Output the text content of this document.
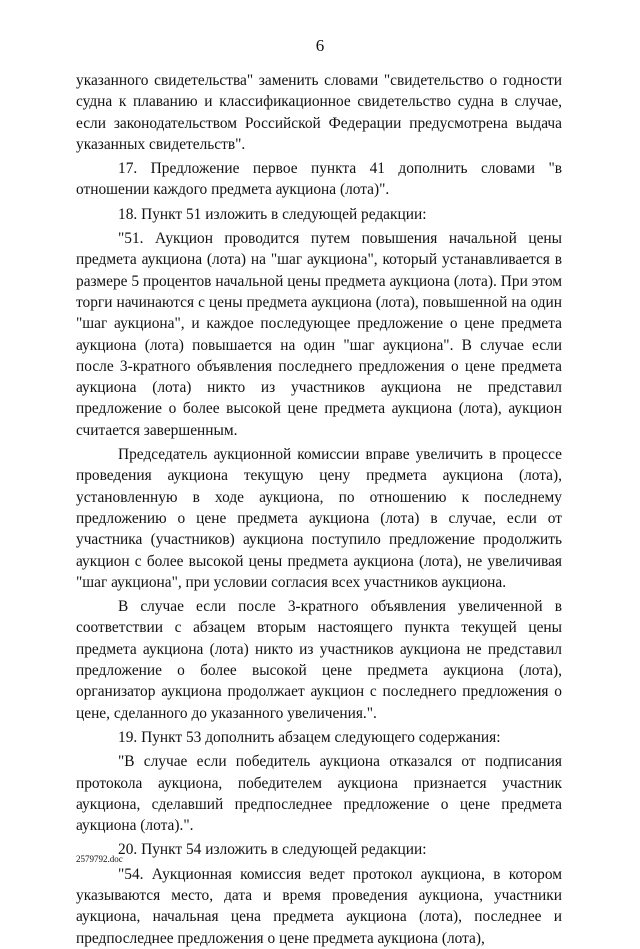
6

указанного свидетельства" заменить словами "свидетельство о годности судна к плаванию и классификационное свидетельство судна в случае, если законодательством Российской Федерации предусмотрена выдача указанных свидетельств".

17. Предложение первое пункта 41 дополнить словами "в отношении каждого предмета аукциона (лота)".

18. Пункт 51 изложить в следующей редакции:

"51. Аукцион проводится путем повышения начальной цены предмета аукциона (лота) на "шаг аукциона", который устанавливается в размере 5 процентов начальной цены предмета аукциона (лота). При этом торги начинаются с цены предмета аукциона (лота), повышенной на один "шаг аукциона", и каждое последующее предложение о цене предмета аукциона (лота) повышается на один "шаг аукциона". В случае если после 3-кратного объявления последнего предложения о цене предмета аукциона (лота) никто из участников аукциона не представил предложение о более высокой цене предмета аукциона (лота), аукцион считается завершенным.

Председатель аукционной комиссии вправе увеличить в процессе проведения аукциона текущую цену предмета аукциона (лота), установленную в ходе аукциона, по отношению к последнему предложению о цене предмета аукциона (лота) в случае, если от участника (участников) аукциона поступило предложение продолжить аукцион с более высокой цены предмета аукциона (лота), не увеличивая "шаг аукциона", при условии согласия всех участников аукциона.

В случае если после 3-кратного объявления увеличенной в соответствии с абзацем вторым настоящего пункта текущей цены предмета аукциона (лота) никто из участников аукциона не представил предложение о более высокой цене предмета аукциона (лота), организатор аукциона продолжает аукцион с последнего предложения о цене, сделанного до указанного увеличения.".

19. Пункт 53 дополнить абзацем следующего содержания:

"В случае если победитель аукциона отказался от подписания протокола аукциона, победителем аукциона признается участник аукциона, сделавший предпоследнее предложение о цене предмета аукциона (лота).".

20. Пункт 54 изложить в следующей редакции:

"54. Аукционная комиссия ведет протокол аукциона, в котором указываются место, дата и время проведения аукциона, участники аукциона, начальная цена предмета аукциона (лота), последнее и предпоследнее предложения о цене предмета аукциона (лота),

2579792.doc
